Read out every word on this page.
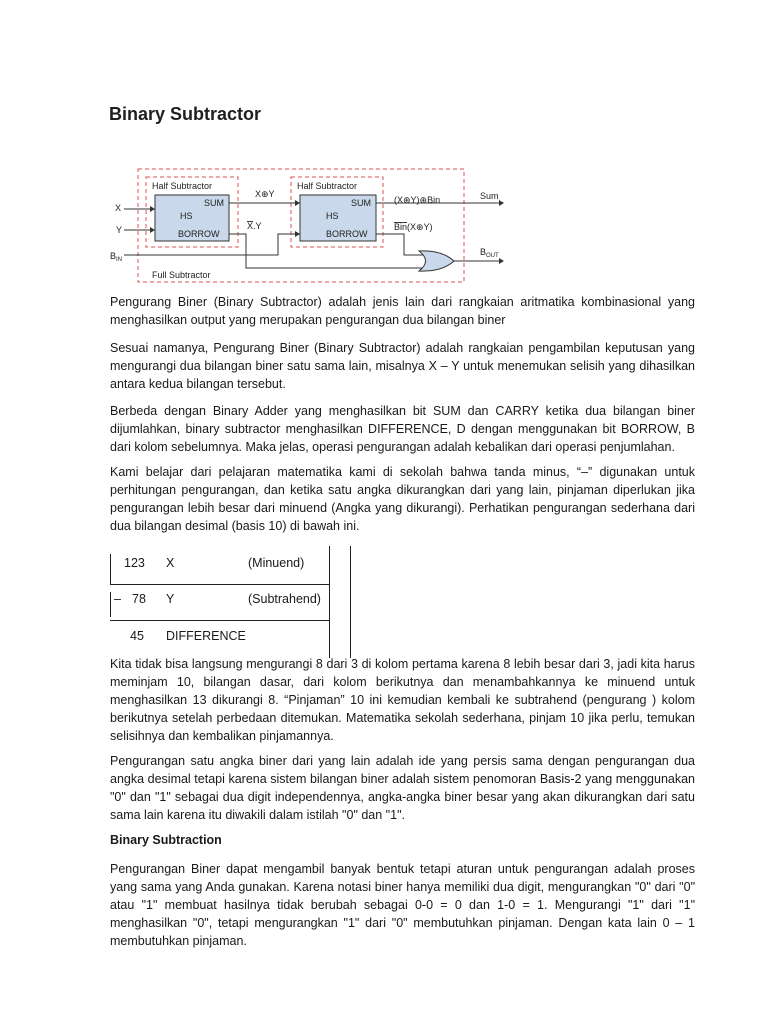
Binary Subtractor
Half Subtractor	Half Subtractor
Full Subtractor
SUM
HS
BORROW
SUM
HS
BORROW
X
Y
$B_{IN}$
X⊕Y
X.Y
(X⊕Y)⊕Bin
Bin(X⊕Y)
Sum
$B_{OUT}$

Pengurang Biner (Binary Subtractor) adalah jenis lain dari rangkaian aritmatika kombinasional yang menghasilkan output yang merupakan pengurangan dua bilangan biner

Sesuai namanya, Pengurang Biner (Binary Subtractor) adalah rangkaian pengambilan keputusan yang mengurangi dua bilangan biner satu sama lain, misalnya X – Y untuk menemukan selisih yang dihasilkan antara kedua bilangan tersebut.

Berbeda dengan Binary Adder yang menghasilkan bit SUM dan CARRY ketika dua bilangan biner dijumlahkan, binary subtractor menghasilkan DIFFERENCE, D dengan menggunakan bit BORROW, B dari kolom sebelumnya. Maka jelas, operasi pengurangan adalah kebalikan dari operasi penjumlahan.

Kami belajar dari pelajaran matematika kami di sekolah bahwa tanda minus, “–” digunakan untuk perhitungan pengurangan, dan ketika satu angka dikurangkan dari yang lain, pinjaman diperlukan jika pengurangan lebih besar dari minuend (Angka yang dikurangi). Perhatikan pengurangan sederhana dari dua bilangan desimal (basis 10) di bawah ini.

123 X	(Minuend)
– 78 Y	(Subtrahend)
45 DIFFERENCE

Kita tidak bisa langsung mengurangi 8 dari 3 di kolom pertama karena 8 lebih besar dari 3, jadi kita harus meminjam 10, bilangan dasar, dari kolom berikutnya dan menambahkannya ke minuend untuk menghasilkan 13 dikurangi 8. “Pinjaman” 10 ini kemudian kembali ke subtrahend (pengurang ) kolom berikutnya setelah perbedaan ditemukan. Matematika sekolah sederhana, pinjam 10 jika perlu, temukan selisihnya dan kembalikan pinjamannya.

Pengurangan satu angka biner dari yang lain adalah ide yang persis sama dengan pengurangan dua angka desimal tetapi karena sistem bilangan biner adalah sistem penomoran Basis-2 yang menggunakan "0" dan "1" sebagai dua digit independennya, angka-angka biner besar yang akan dikurangkan dari satu sama lain karena itu diwakili dalam istilah "0" dan "1".

Binary Subtraction

Pengurangan Biner dapat mengambil banyak bentuk tetapi aturan untuk pengurangan adalah proses yang sama yang Anda gunakan. Karena notasi biner hanya memiliki dua digit, mengurangkan "0" dari "0" atau "1" membuat hasilnya tidak berubah sebagai 0-0 = 0 dan 1-0 = 1. Mengurangi "1" dari "1" menghasilkan "0", tetapi mengurangkan "1" dari "0" membutuhkan pinjaman. Dengan kata lain 0 – 1 membutuhkan pinjaman.
